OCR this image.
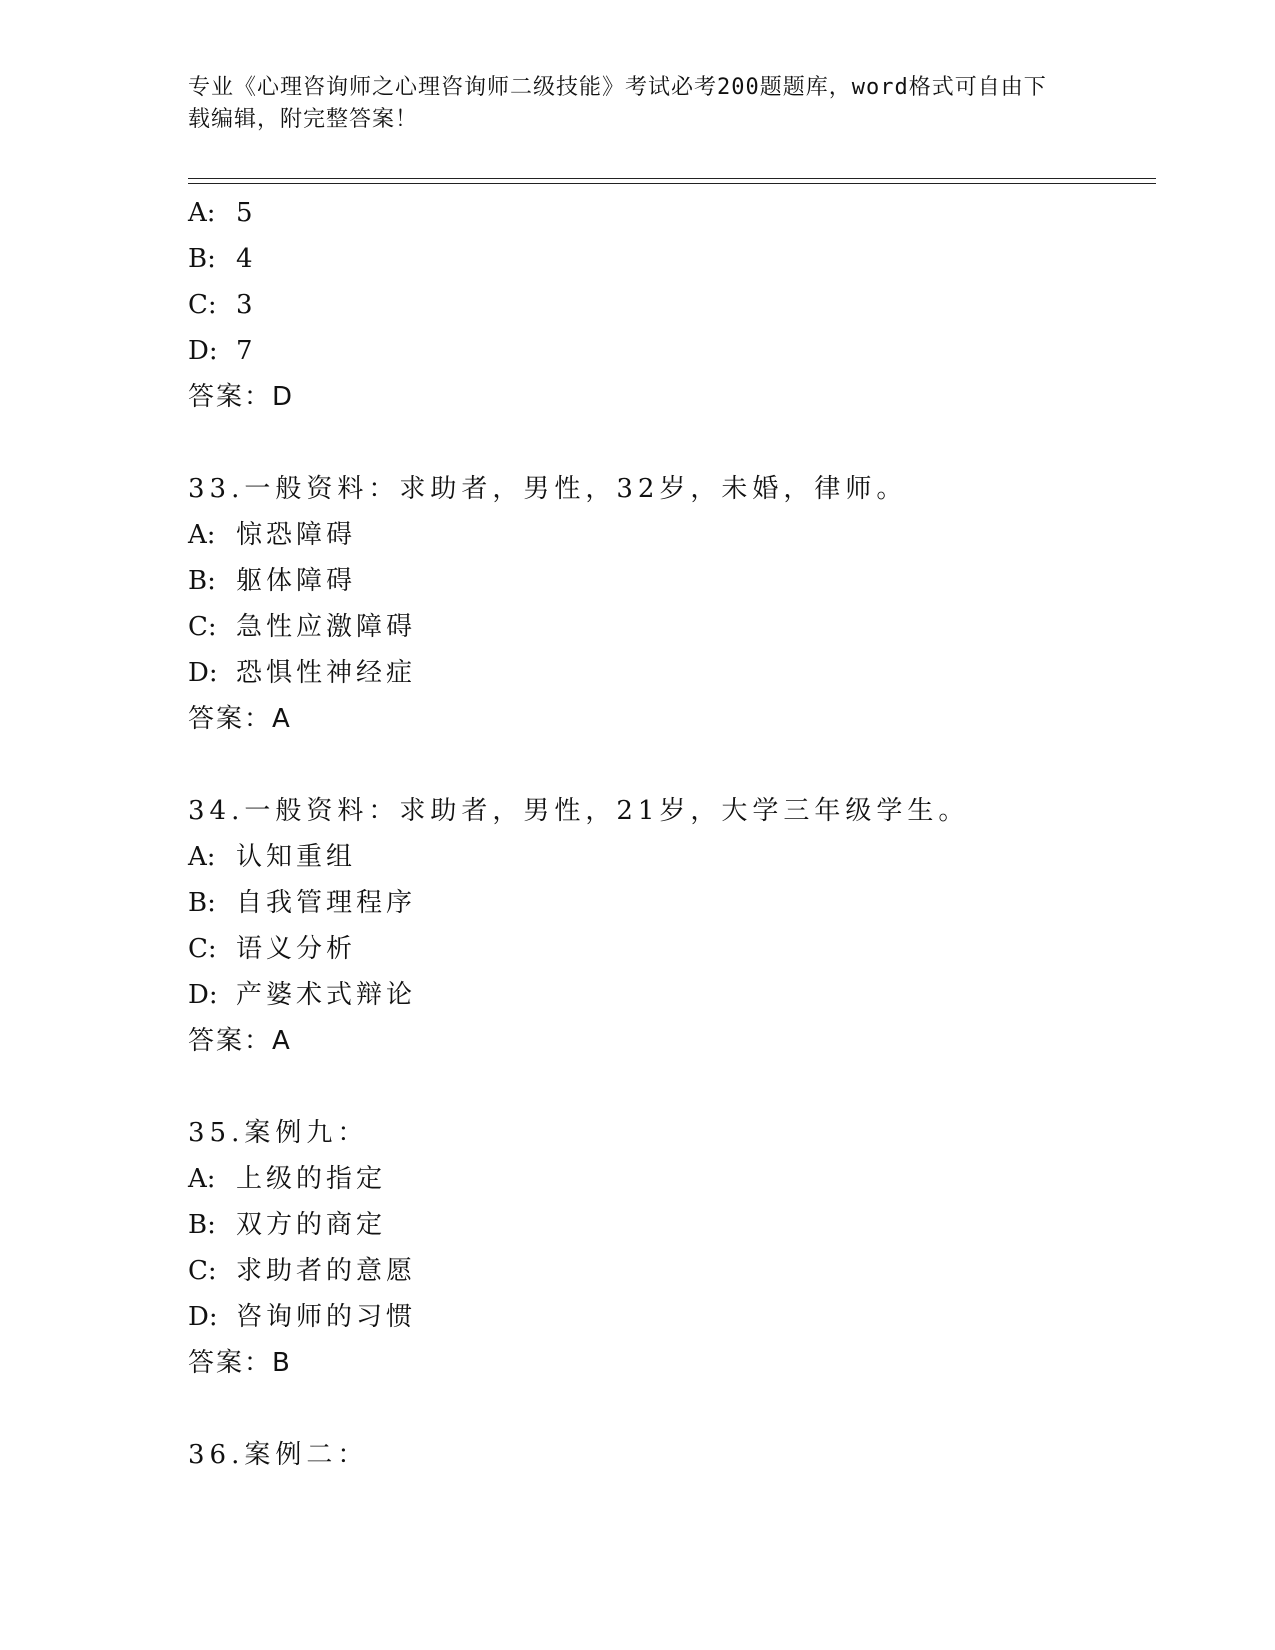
专业《心理咨询师之心理咨询师二级技能》考试必考200题题库，word格式可自由下载编辑，附完整答案！
A: 5
B: 4
C: 3
D: 7
答案：D
33.一般资料：求助者，男性，32岁，未婚，律师。
A: 惊恐障碍
B: 躯体障碍
C: 急性应激障碍
D: 恐惧性神经症
答案：A
34.一般资料：求助者，男性，21岁，大学三年级学生。
A: 认知重组
B: 自我管理程序
C: 语义分析
D: 产婆术式辩论
答案：A
35.案例九：
A: 上级的指定
B: 双方的商定
C: 求助者的意愿
D: 咨询师的习惯
答案：B
36.案例二：
